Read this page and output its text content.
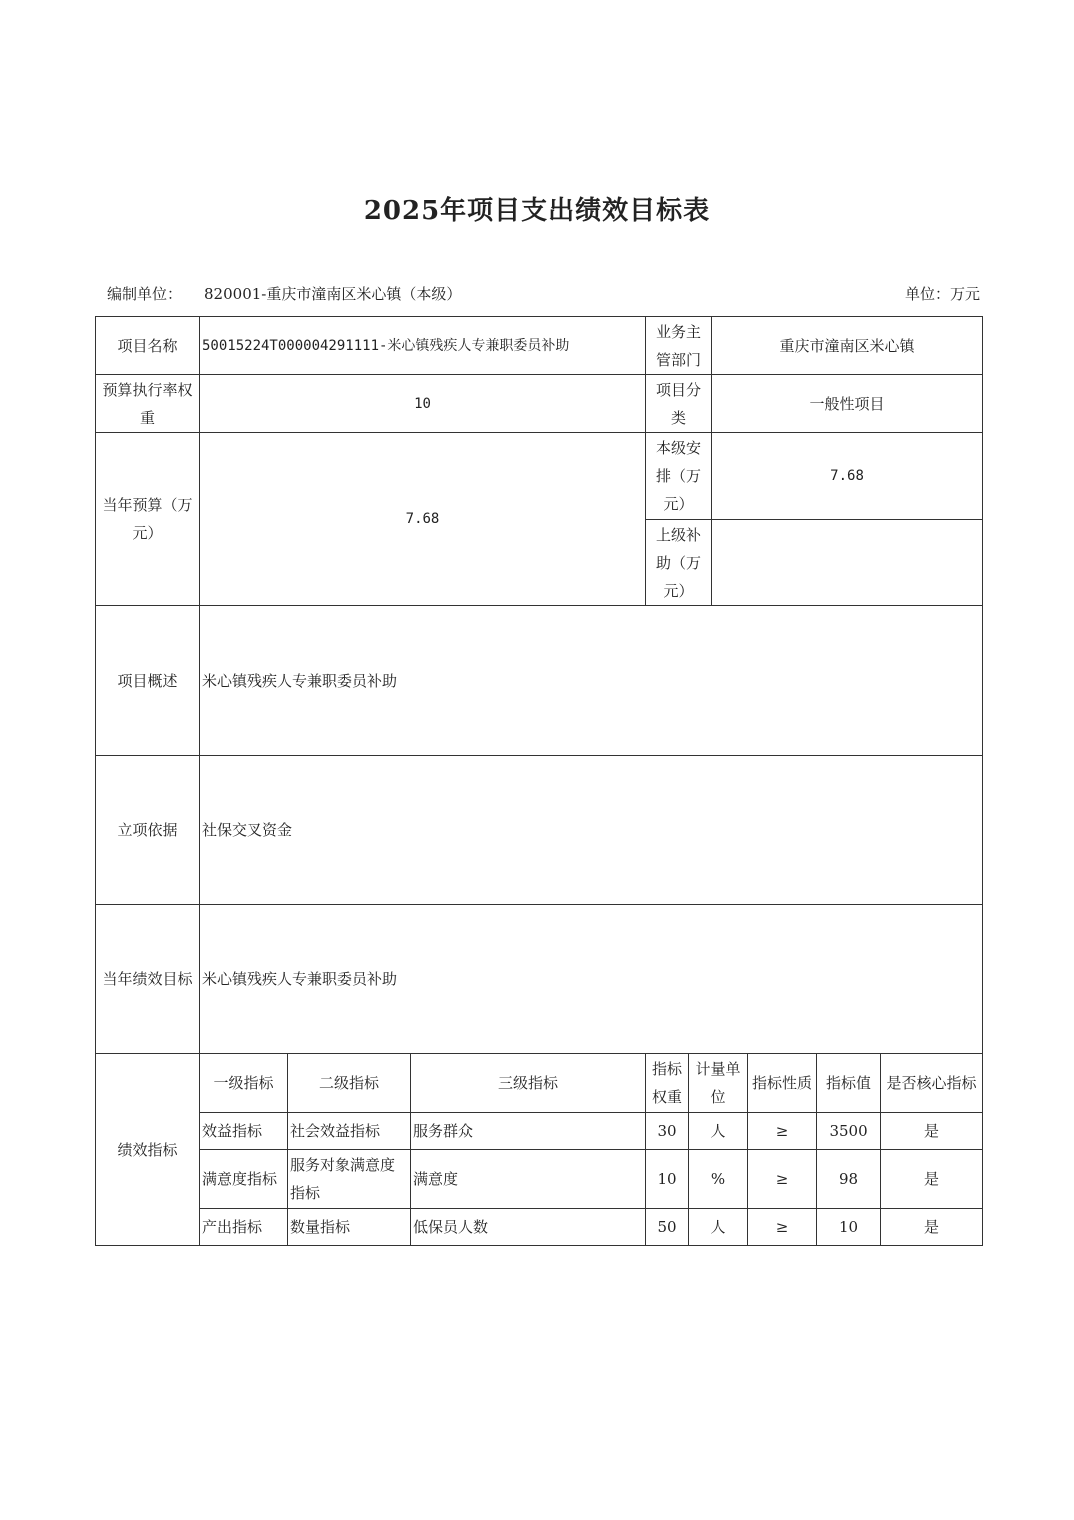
2025年项目支出绩效目标表
编制单位： 820001-重庆市潼南区米心镇（本级）	单位：万元
项目名称	50015224T000004291111-米心镇残疾人专兼职委员补助			业务主管部门		重庆市潼南区米心镇			
预算执行率权重	10			项目分类		一般性项目			
当年预算（万元）	7.68			本级安排（万元）		7.68			
				上级补助（万元）					
项目概述	米心镇残疾人专兼职委员补助								
立项依据	社保交叉资金								
当年绩效目标	米心镇残疾人专兼职委员补助								
绩效指标	一级指标	二级指标	三级指标	指标权重	计量单位		指标性质	指标值	是否核心指标
	效益指标	社会效益指标	服务群众	30	人		≥	3500	是
	满意度指标	服务对象满意度指标	满意度	10	%		≥	98	是
	产出指标	数量指标	低保员人数	50	人		≥	10	是
